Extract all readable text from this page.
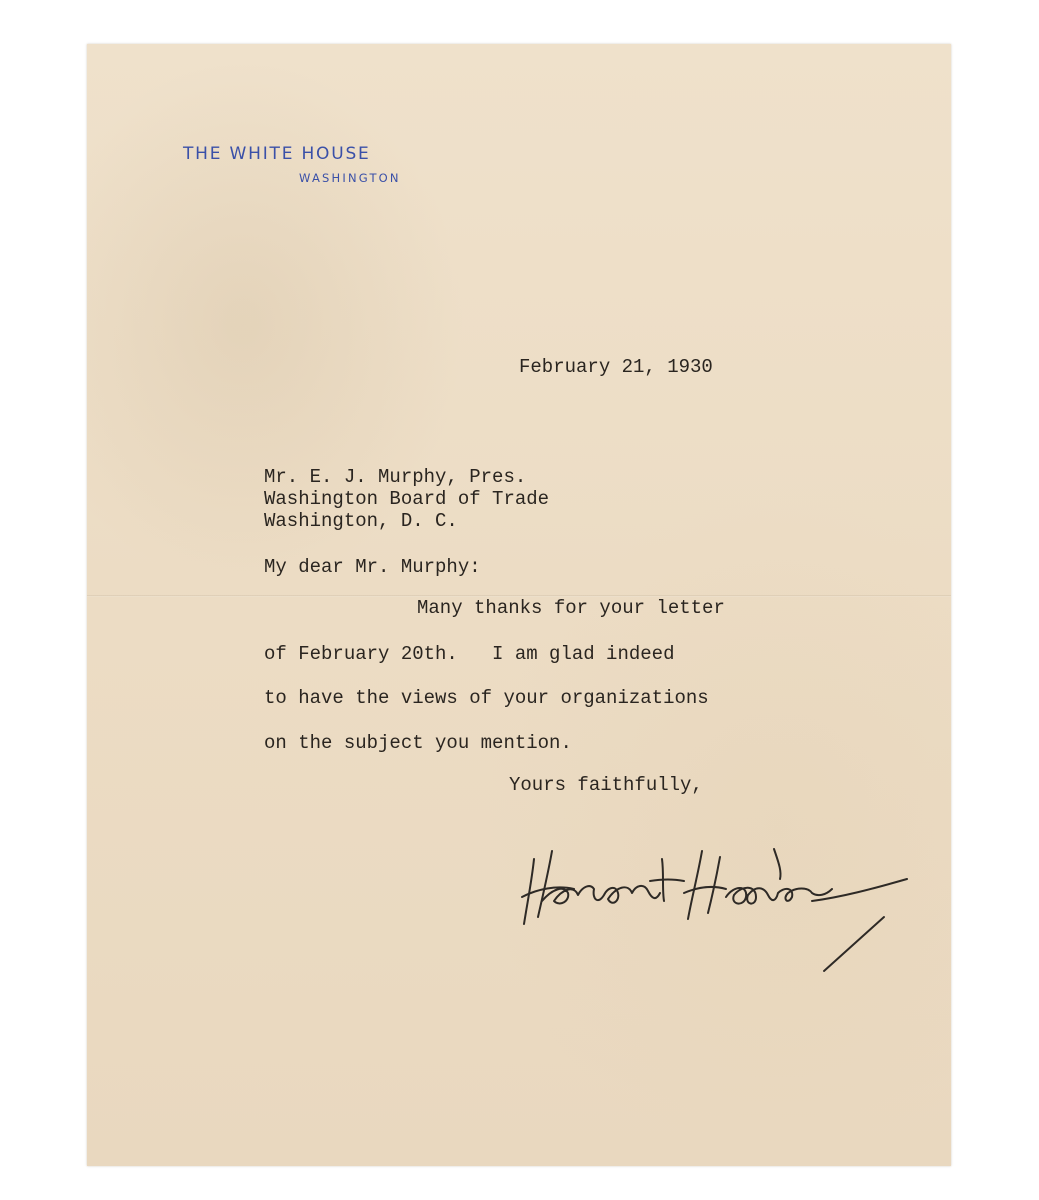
THE WHITE HOUSE
WASHINGTON
February 21, 1930
Mr. E. J. Murphy, Pres.
Washington Board of Trade
Washington, D. C.
My dear Mr. Murphy:
Many thanks for your letter
of February 20th.   I am glad indeed
to have the views of your organizations
on the subject you mention.
Yours faithfully,
